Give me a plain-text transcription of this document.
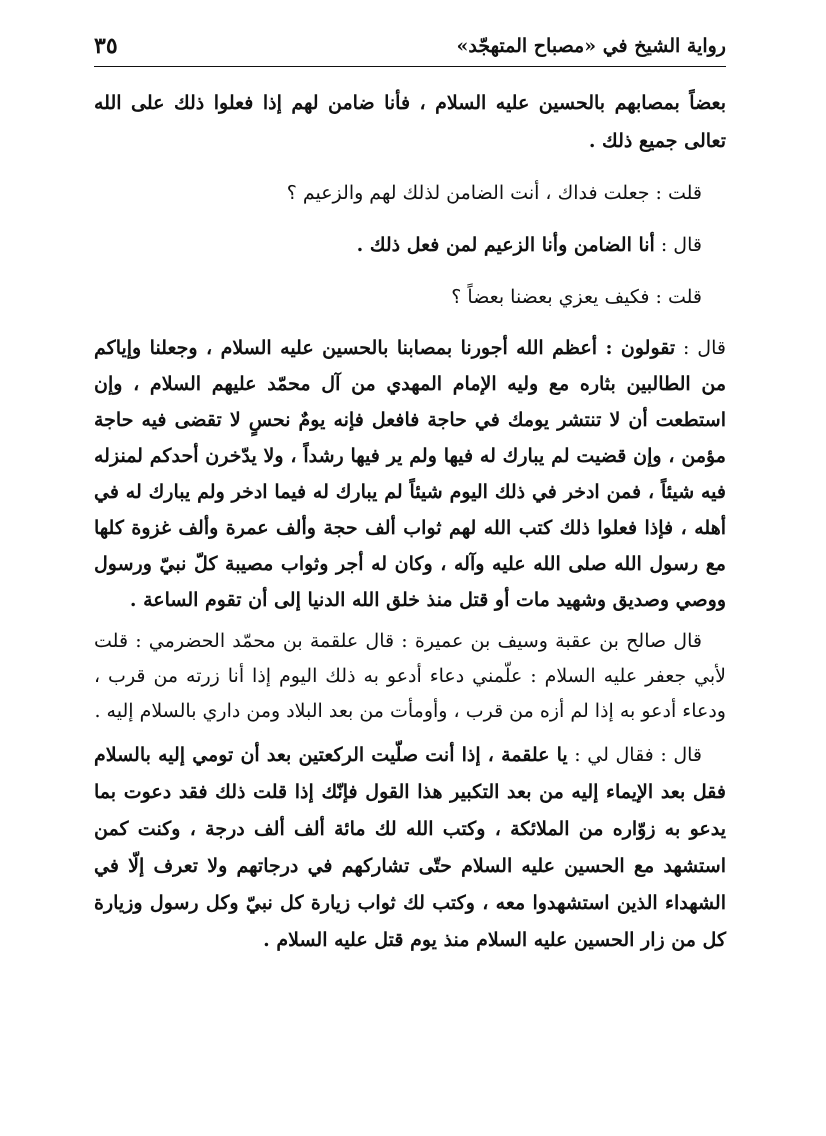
رواية الشيخ في «مصباح المتهجّد»
٣٥

بعضاً بمصابهم بالحسين عليه السلام ، فأنا ضامن لهم إذا فعلوا ذلك على الله تعالى جميع ذلك .

قلت : جعلت فداك ، أنت الضامن لذلك لهم والزعيم ؟

قال : أنا الضامن وأنا الزعيم لمن فعل ذلك .

قلت : فكيف يعزي بعضنا بعضاً ؟

قال : تقولون : أعظم الله أجورنا بمصابنا بالحسين عليه السلام ، وجعلنا وإياكم من الطالبين بثاره مع وليه الإمام المهدي من آل محمّد عليهم السلام ، وإن استطعت أن لا تنتشر يومك في حاجة فافعل فإنه يومٌ نحسٍ لا تقضى فيه حاجة مؤمن ، وإن قضيت لم يبارك له فيها ولم ير فيها رشداً ، ولا يدّخرن أحدكم لمنزله فيه شيئاً ، فمن ادخر في ذلك اليوم شيئاً لم يبارك له فيما ادخر ولم يبارك له في أهله ، فإذا فعلوا ذلك كتب الله لهم ثواب ألف حجة وألف عمرة وألف غزوة كلها مع رسول الله صلى الله عليه وآله ، وكان له أجر وثواب مصيبة كلّ نبيّ ورسول ووصي وصديق وشهيد مات أو قتل منذ خلق الله الدنيا إلى أن تقوم الساعة .

قال صالح بن عقبة وسيف بن عميرة : قال علقمة بن محمّد الحضرمي : قلت لأبي جعفر عليه السلام : علّمني دعاء أدعو به ذلك اليوم إذا أنا زرته من قرب ، ودعاء أدعو به إذا لم أزه من قرب ، وأومأت من بعد البلاد ومن داري بالسلام إليه .

قال : فقال لي : يا علقمة ، إذا أنت صلّيت الركعتين بعد أن تومي إليه بالسلام فقل بعد الإيماء إليه من بعد التكبير هذا القول فإنّك إذا قلت ذلك فقد دعوت بما يدعو به زوّاره من الملائكة ، وكتب الله لك مائة ألف ألف درجة ، وكنت كمن استشهد مع الحسين عليه السلام حتّى تشاركهم في درجاتهم ولا تعرف إلّا في الشهداء الذين استشهدوا معه ، وكتب لك ثواب زيارة كل نبيّ وكل رسول وزيارة كل من زار الحسين عليه السلام منذ يوم قتل عليه السلام .
